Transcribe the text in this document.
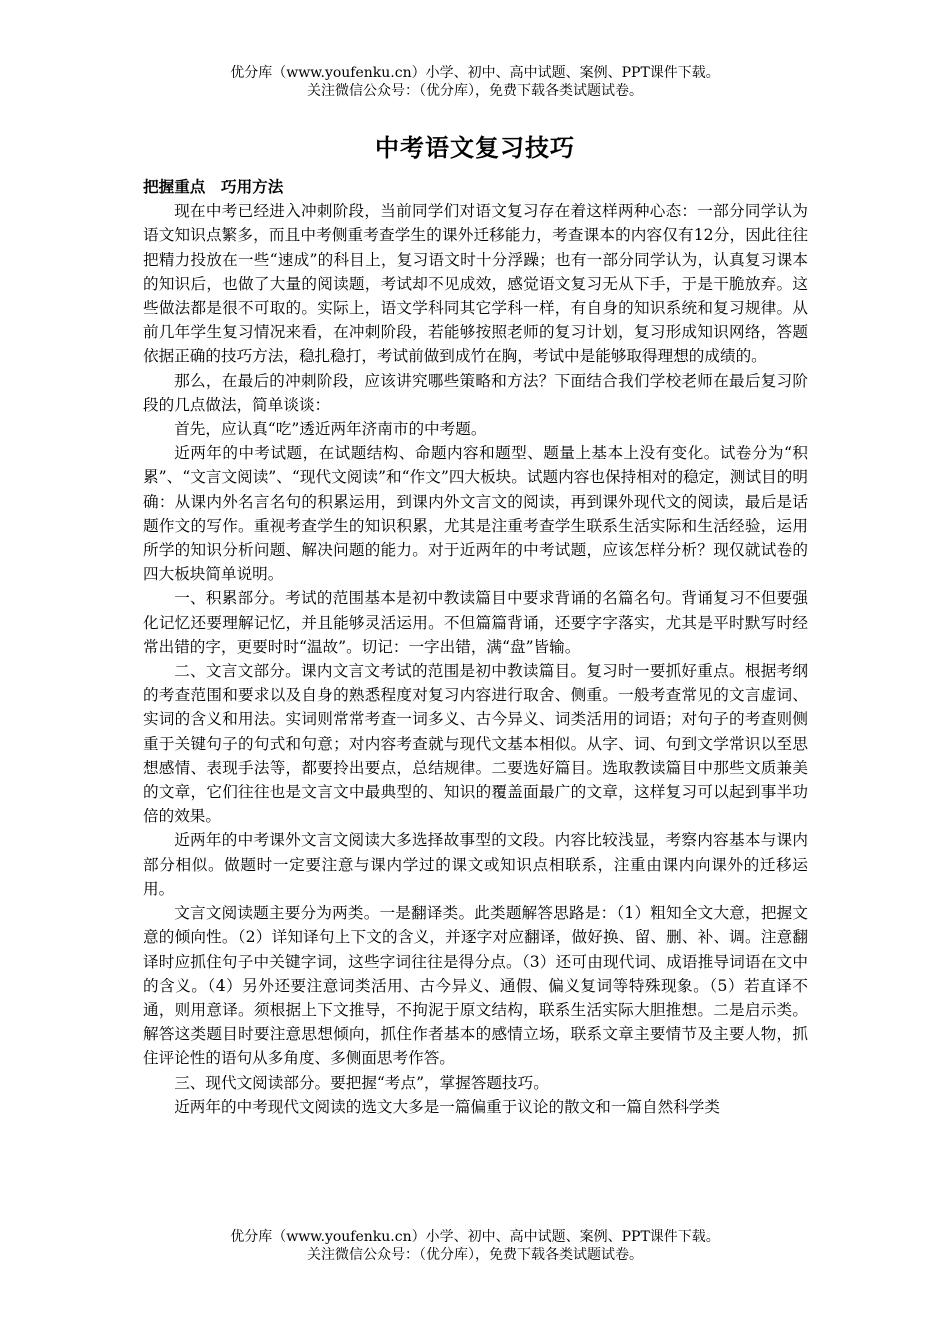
优分库（www.youfenku.cn）小学、初中、高中试题、案例、PPT课件下载。
关注微信公众号：（优分库），免费下载各类试题试卷。
中考语文复习技巧

把握重点　巧用方法

现在中考已经进入冲刺阶段，当前同学们对语文复习存在着这样两种心态：一部分同学认为语文知识点繁多，而且中考侧重考查学生的课外迁移能力，考查课本的内容仅有12分，因此往往把精力投放在一些“速成”的科目上，复习语文时十分浮躁；也有一部分同学认为，认真复习课本的知识后，也做了大量的阅读题，考试却不见成效，感觉语文复习无从下手，于是干脆放弃。这些做法都是很不可取的。实际上，语文学科同其它学科一样，有自身的知识系统和复习规律。从前几年学生复习情况来看，在冲刺阶段，若能够按照老师的复习计划，复习形成知识网络，答题依据正确的技巧方法，稳扎稳打，考试前做到成竹在胸，考试中是能够取得理想的成绩的。

那么，在最后的冲刺阶段，应该讲究哪些策略和方法？下面结合我们学校老师在最后复习阶段的几点做法，简单谈谈：

首先，应认真“吃”透近两年济南市的中考题。

近两年的中考试题，在试题结构、命题内容和题型、题量上基本上没有变化。试卷分为“积累”、“文言文阅读”、“现代文阅读”和“作文”四大板块。试题内容也保持相对的稳定，测试目的明确：从课内外名言名句的积累运用，到课内外文言文的阅读，再到课外现代文的阅读，最后是话题作文的写作。重视考查学生的知识积累，尤其是注重考查学生联系生活实际和生活经验，运用所学的知识分析问题、解决问题的能力。对于近两年的中考试题，应该怎样分析？现仅就试卷的四大板块简单说明。

一、积累部分。考试的范围基本是初中教读篇目中要求背诵的名篇名句。背诵复习不但要强化记忆还要理解记忆，并且能够灵活运用。不但篇篇背诵，还要字字落实，尤其是平时默写时经常出错的字，更要时时“温故”。切记：一字出错，满“盘”皆输。

二、文言文部分。课内文言文考试的范围是初中教读篇目。复习时一要抓好重点。根据考纲的考查范围和要求以及自身的熟悉程度对复习内容进行取舍、侧重。一般考查常见的文言虚词、实词的含义和用法。实词则常常考查一词多义、古今异义、词类活用的词语；对句子的考查则侧重于关键句子的句式和句意；对内容考查就与现代文基本相似。从字、词、句到文学常识以至思想感情、表现手法等，都要拎出要点，总结规律。二要选好篇目。选取教读篇目中那些文质兼美的文章，它们往往也是文言文中最典型的、知识的覆盖面最广的文章，这样复习可以起到事半功倍的效果。

近两年的中考课外文言文阅读大多选择故事型的文段。内容比较浅显，考察内容基本与课内部分相似。做题时一定要注意与课内学过的课文或知识点相联系，注重由课内向课外的迁移运用。

文言文阅读题主要分为两类。一是翻译类。此类题解答思路是：（1）粗知全文大意，把握文意的倾向性。（2）详知译句上下文的含义，并逐字对应翻译，做好换、留、删、补、调。注意翻译时应抓住句子中关键字词，这些字词往往是得分点。（3）还可由现代词、成语推导词语在文中的含义。（4）另外还要注意词类活用、古今异义、通假、偏义复词等特殊现象。（5）若直译不通，则用意译。须根据上下文推导，不拘泥于原文结构，联系生活实际大胆推想。二是启示类。解答这类题目时要注意思想倾向，抓住作者基本的感情立场，联系文章主要情节及主要人物，抓住评论性的语句从多角度、多侧面思考作答。

三、现代文阅读部分。要把握“考点”，掌握答题技巧。

近两年的中考现代文阅读的选文大多是一篇偏重于议论的散文和一篇自然科学类

优分库（www.youfenku.cn）小学、初中、高中试题、案例、PPT课件下载。
关注微信公众号：（优分库），免费下载各类试题试卷。
